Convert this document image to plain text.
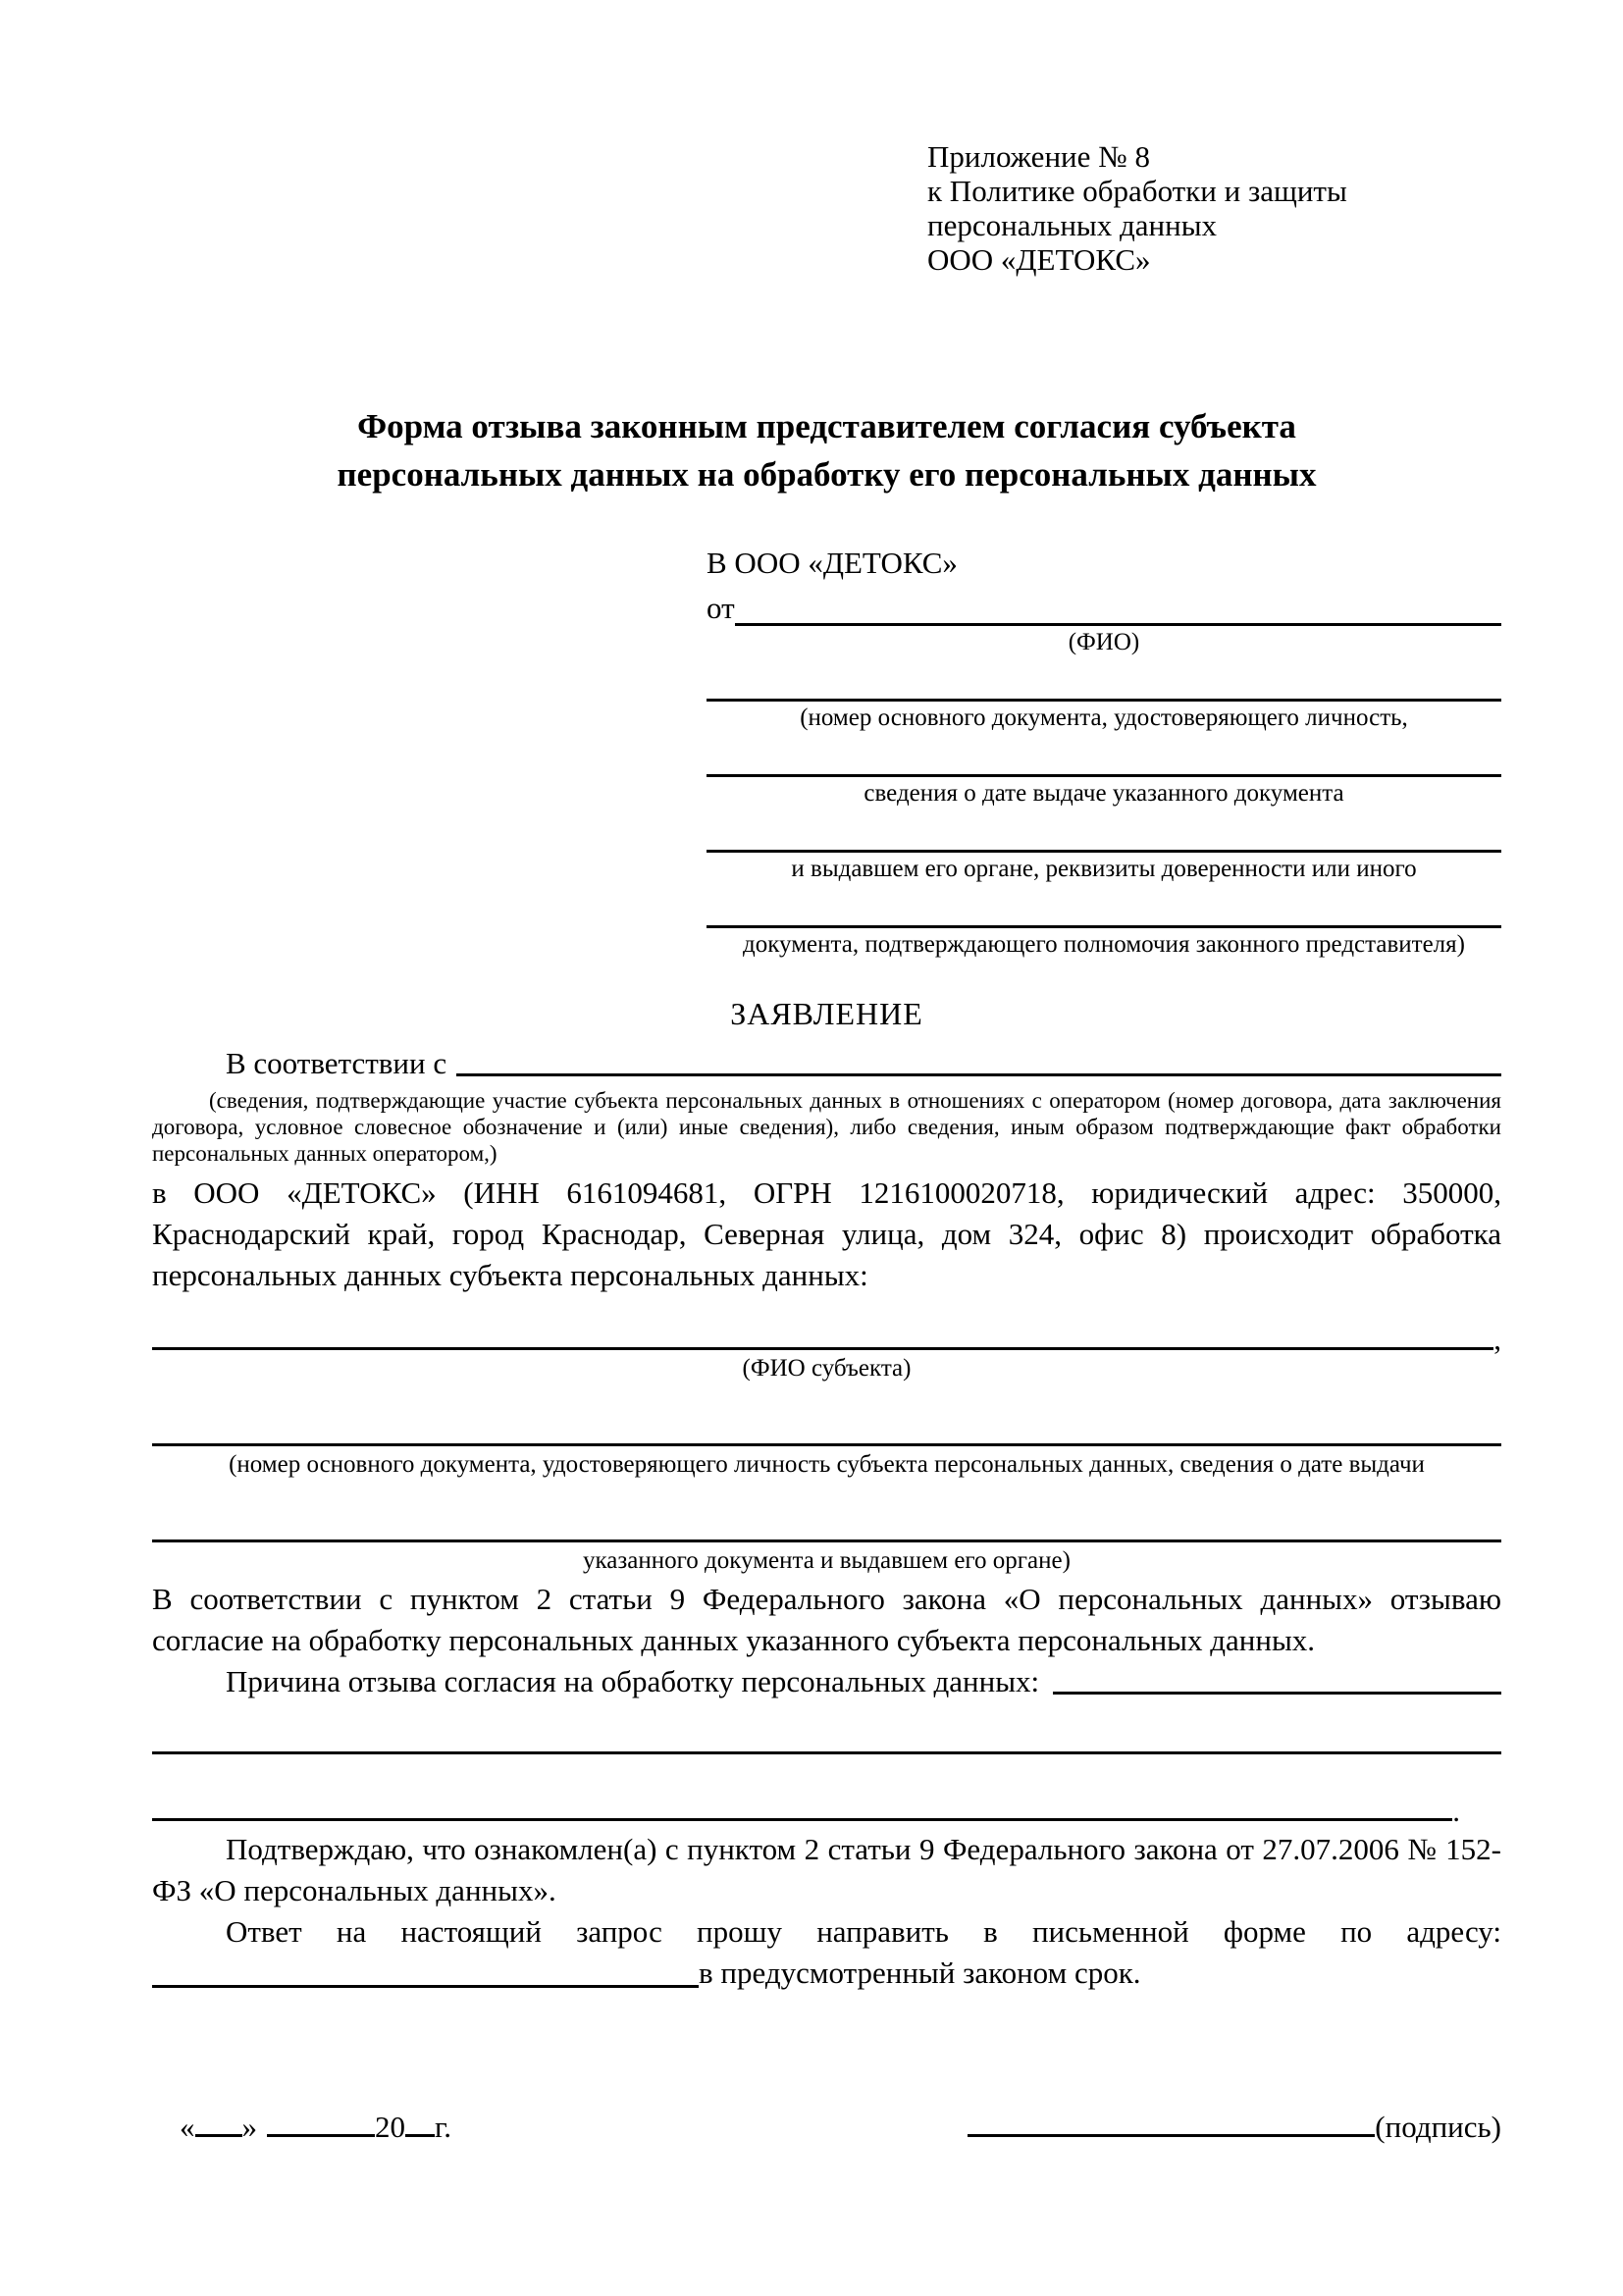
Приложение № 8
к Политике обработки и защиты
персональных данных
ООО «ДЕТОКС»
Форма отзыва законным представителем согласия субъекта
персональных данных на обработку его персональных данных
В ООО «ДЕТОКС»
от
(ФИО)
(номер основного документа, удостоверяющего личность,
сведения о дате выдаче указанного документа
и выдавшем его органе, реквизиты доверенности или иного
документа, подтверждающего полномочия законного представителя)
ЗАЯВЛЕНИЕ
В соответствии с
(сведения, подтверждающие участие субъекта персональных данных в отношениях с оператором (номер договора, дата заключения договора, условное словесное обозначение и (или) иные сведения), либо сведения, иным образом подтверждающие факт обработки персональных данных оператором,)
в ООО «ДЕТОКС» (ИНН 6161094681, ОГРН 1216100020718, юридический адрес: 350000, Краснодарский край, город Краснодар, Северная улица, дом 324, офис 8) происходит обработка персональных данных субъекта персональных данных:
,
(ФИО субъекта)
(номер основного документа, удостоверяющего личность субъекта персональных данных, сведения о дате выдачи
указанного документа и выдавшем его органе)
В соответствии с пунктом 2 статьи 9 Федерального закона «О персональных данных» отзываю согласие на обработку персональных данных указанного субъекта персональных данных.
Причина отзыва согласия на обработку персональных данных:
.
Подтверждаю, что ознакомлен(а) с пунктом 2 статьи 9 Федерального закона от 27.07.2006 № 152-ФЗ «О персональных данных».
Ответ на настоящий запрос прошу направить в письменной форме по адресу:
в предусмотренный законом срок.
« »	20 г.	(подпись)
